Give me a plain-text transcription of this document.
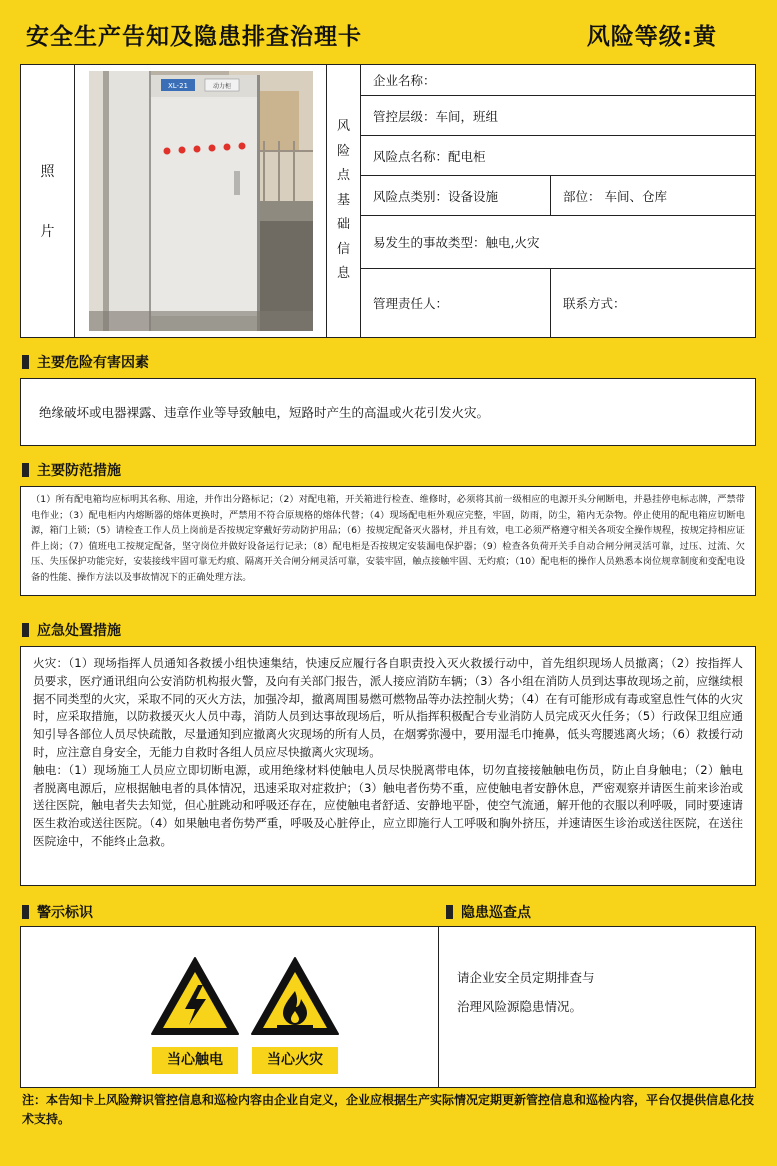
安全生产告知及隐患排查治理卡	风险等级:黄
照
片
XL-21	动力柜
风
险
点
基
础
信
息
企业名称：
管控层级：车间，班组
风险点名称：配电柜
风险点类别：设备设施	部位： 车间、仓库
易发生的事故类型：触电,火灾
管理责任人：	联系方式：
主要危险有害因素
绝缘破坏或电器裸露、违章作业等导致触电，短路时产生的高温或火花引发火灾。
主要防范措施
（1）所有配电箱均应标明其名称、用途，并作出分路标记；（2）对配电箱，开关箱进行检查、维修时，必须将其前一级相应的电源开头分闸断电，并悬挂停电标志牌，严禁带电作业；（3）配电柜内内熔断器的熔体更换时，严禁用不符合原规格的熔体代替；（4）现场配电柜外观应完整，牢固，防雨，防尘，箱内无杂物。停止使用的配电箱应切断电源，箱门上锁；（5）请检查工作人员上岗前是否按规定穿戴好劳动防护用品；（6）按规定配备灭火器材，并且有效，电工必须严格遵守相关各项安全操作规程，按规定持相应证件上岗；（7）值班电工按规定配备，坚守岗位并做好设备运行记录；（8）配电柜是否按规定安装漏电保护器；（9）检查各负荷开关手自动合闸分闸灵活可靠，过压、过流、欠压、失压保护功能完好，安装接线牢固可靠无灼痕、隔离开关合闸分闸灵活可靠，安装牢固，触点接触牢固、无灼痕；（10）配电柜的操作人员熟悉本岗位规章制度和变配电设备的性能、操作方法以及事故情况下的正确处理方法。
应急处置措施

火灾：（1）现场指挥人员通知各救援小组快速集结，快速反应履行各自职责投入灭火救援行动中，首先组织现场人员撤离；（2）按指挥人员要求，医疗通讯组向公安消防机构报火警，及向有关部门报告，派人接应消防车辆；（3）各小组在消防人员到达事故现场之前，应继续根据不同类型的火灾，采取不同的灭火方法，加强冷却，撤离周围易燃可燃物品等办法控制火势；（4）在有可能形成有毒或窒息性气体的火灾时，应采取措施，以防救援灭火人员中毒，消防人员到达事故现场后，听从指挥积极配合专业消防人员完成灭火任务；（5）行政保卫组应通知引导各部位人员尽快疏散，尽量通知到应撤离火灾现场的所有人员，在烟雾弥漫中，要用湿毛巾掩鼻，低头弯腰逃离火场；（6）救援行动时，应注意自身安全，无能力自救时各组人员应尽快撤离火灾现场。

触电：（1）现场施工人员应立即切断电源，或用绝缘材料使触电人员尽快脱离带电体，切勿直接接触触电伤员，防止自身触电；（2）触电者脱离电源后，应根据触电者的具体情况，迅速采取对症救护；（3）触电者伤势不重，应使触电者安静休息，严密观察并请医生前来诊治或送往医院，触电者失去知觉，但心脏跳动和呼吸还存在，应使触电者舒适、安静地平卧，使空气流通，解开他的衣服以利呼吸，同时要速请医生救治或送往医院。（4）如果触电者伤势严重，呼吸及心脏停止，应立即施行人工呼吸和胸外挤压，并速请医生诊治或送往医院，在送往医院途中，不能终止急救。

警示标识	隐患巡查点
当心触电	当心火灾
请企业安全员定期排查与
治理风险源隐患情况。
注：本告知卡上风险辩识管控信息和巡检内容由企业自定义，企业应根据生产实际情况定期更新管控信息和巡检内容，平台仅提供信息化技术支持。
